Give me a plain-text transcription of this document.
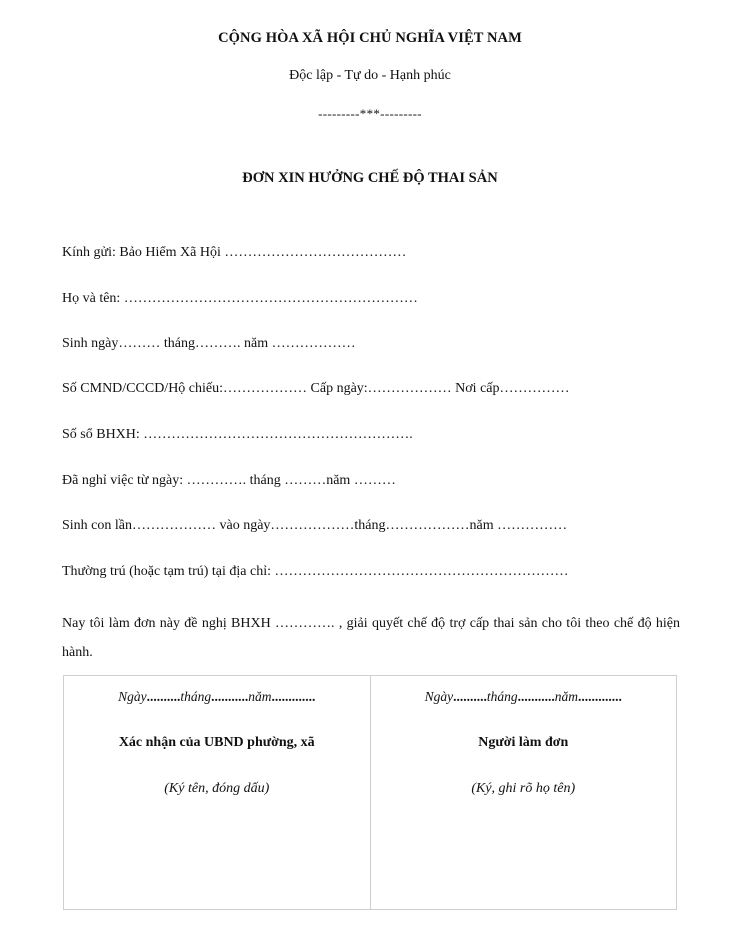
CỘNG HÒA XÃ HỘI CHỦ NGHĨA VIỆT NAM
Độc lập - Tự do - Hạnh phúc
---------***---------
ĐƠN XIN HƯỞNG CHẾ ĐỘ THAI SẢN
Kính gửi: Bảo Hiểm Xã Hội …………………………………
Họ và tên: ………………………………………………………
Sinh ngày……… tháng………. năm ………………
Số CMND/CCCD/Hộ chiếu:……………… Cấp ngày:……………… Nơi cấp……………
Số sổ BHXH: ………………………………………………….
Đã nghỉ việc từ ngày: …………. tháng ………năm ………
Sinh con lần……………… vào ngày………………tháng………………năm ……………
Thường trú (hoặc tạm trú) tại địa chỉ: ………………………………………………………
Nay tôi làm đơn này đề nghị BHXH …………. , giải quyết chế độ trợ cấp thai sản cho tôi theo chế độ hiện hành.
Ngày..........tháng...........năm.............
Xác nhận của UBND phường, xã
(Ký tên, đóng dấu)
Ngày..........tháng...........năm.............
Người làm đơn
(Ký, ghi rõ họ tên)
